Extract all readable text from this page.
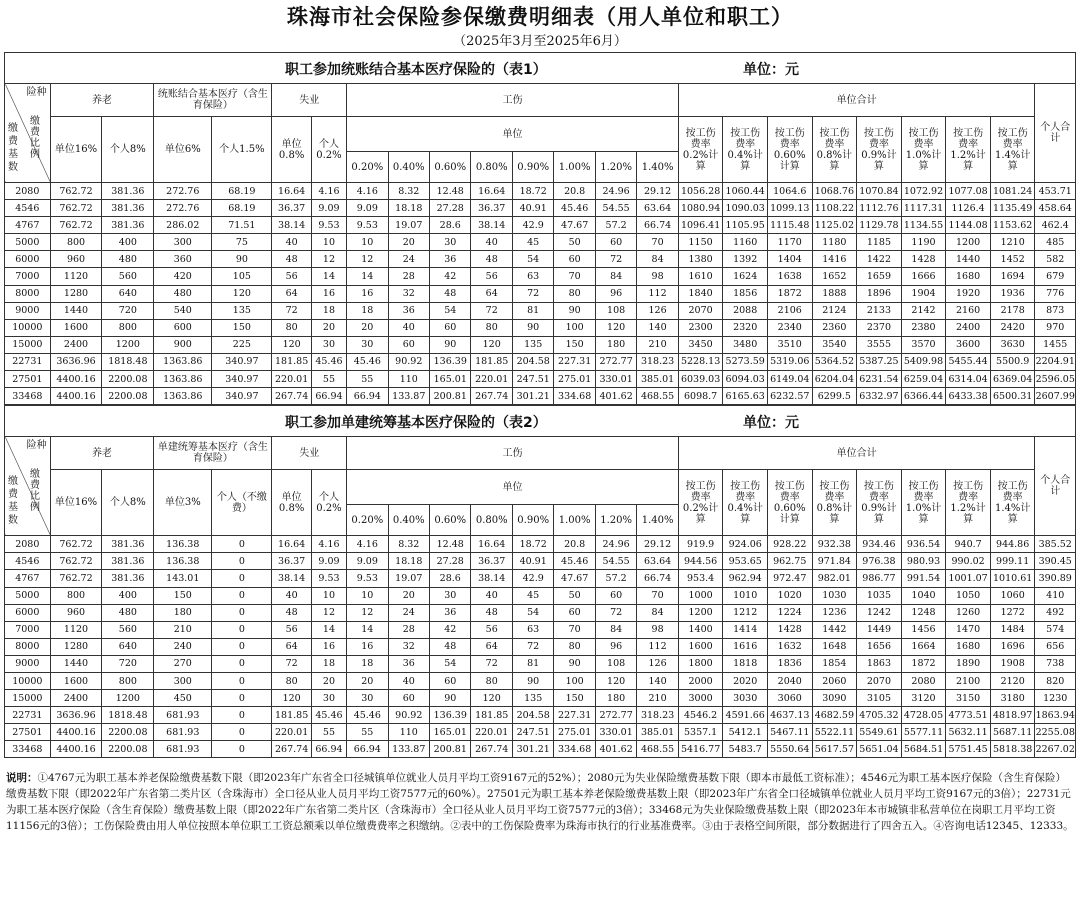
珠海市社会保险参保缴费明细表（用人单位和职工）
（2025年3月至2025年6月）
职工参加统账结合基本医疗保险的（表1）	单位：元
险种
缴费比例
缴费基数	养老		统账结合基本医疗（含生育保险）		失业		工伤								单位合计								个人合计
	单位16%	个人8%	单位6%	个人1.5%	单位0.8%	个人0.2%	单位								按工伤费率0.2%计算	按工伤费率0.4%计算	按工伤费率0.60%计算	按工伤费率0.8%计算	按工伤费率0.9%计算	按工伤费率1.0%计算	按工伤费率1.2%计算	按工伤费率1.4%计算	
							0.20%	0.40%	0.60%	0.80%	0.90%	1.00%	1.20%	1.40%									
2080	762.72	381.36	272.76	68.19	16.64	4.16	4.16	8.32	12.48	16.64	18.72	20.8	24.96	29.12	1056.28	1060.44	1064.6	1068.76	1070.84	1072.92	1077.08	1081.24	453.71
4546	762.72	381.36	272.76	68.19	36.37	9.09	9.09	18.18	27.28	36.37	40.91	45.46	54.55	63.64	1080.94	1090.03	1099.13	1108.22	1112.76	1117.31	1126.4	1135.49	458.64
4767	762.72	381.36	286.02	71.51	38.14	9.53	9.53	19.07	28.6	38.14	42.9	47.67	57.2	66.74	1096.41	1105.95	1115.48	1125.02	1129.78	1134.55	1144.08	1153.62	462.4
5000	800	400	300	75	40	10	10	20	30	40	45	50	60	70	1150	1160	1170	1180	1185	1190	1200	1210	485
6000	960	480	360	90	48	12	12	24	36	48	54	60	72	84	1380	1392	1404	1416	1422	1428	1440	1452	582
7000	1120	560	420	105	56	14	14	28	42	56	63	70	84	98	1610	1624	1638	1652	1659	1666	1680	1694	679
8000	1280	640	480	120	64	16	16	32	48	64	72	80	96	112	1840	1856	1872	1888	1896	1904	1920	1936	776
9000	1440	720	540	135	72	18	18	36	54	72	81	90	108	126	2070	2088	2106	2124	2133	2142	2160	2178	873
10000	1600	800	600	150	80	20	20	40	60	80	90	100	120	140	2300	2320	2340	2360	2370	2380	2400	2420	970
15000	2400	1200	900	225	120	30	30	60	90	120	135	150	180	210	3450	3480	3510	3540	3555	3570	3600	3630	1455
22731	3636.96	1818.48	1363.86	340.97	181.85	45.46	45.46	90.92	136.39	181.85	204.58	227.31	272.77	318.23	5228.13	5273.59	5319.06	5364.52	5387.25	5409.98	5455.44	5500.9	2204.91
27501	4400.16	2200.08	1363.86	340.97	220.01	55	55	110	165.01	220.01	247.51	275.01	330.01	385.01	6039.03	6094.03	6149.04	6204.04	6231.54	6259.04	6314.04	6369.04	2596.05
33468	4400.16	2200.08	1363.86	340.97	267.74	66.94	66.94	133.87	200.81	267.74	301.21	334.68	401.62	468.55	6098.7	6165.63	6232.57	6299.5	6332.97	6366.44	6433.38	6500.31	2607.99
职工参加单建统筹基本医疗保险的（表2）	单位：元
险种
缴费比例
缴费基数	养老		单建统筹基本医疗（含生育保险）		失业		工伤								单位合计								个人合计
	单位16%	个人8%	单位3%	个人（不缴费）	单位0.8%	个人0.2%	单位								按工伤费率0.2%计算	按工伤费率0.4%计算	按工伤费率0.60%计算	按工伤费率0.8%计算	按工伤费率0.9%计算	按工伤费率1.0%计算	按工伤费率1.2%计算	按工伤费率1.4%计算	
							0.20%	0.40%	0.60%	0.80%	0.90%	1.00%	1.20%	1.40%									
2080	762.72	381.36	136.38	0	16.64	4.16	4.16	8.32	12.48	16.64	18.72	20.8	24.96	29.12	919.9	924.06	928.22	932.38	934.46	936.54	940.7	944.86	385.52
4546	762.72	381.36	136.38	0	36.37	9.09	9.09	18.18	27.28	36.37	40.91	45.46	54.55	63.64	944.56	953.65	962.75	971.84	976.38	980.93	990.02	999.11	390.45
4767	762.72	381.36	143.01	0	38.14	9.53	9.53	19.07	28.6	38.14	42.9	47.67	57.2	66.74	953.4	962.94	972.47	982.01	986.77	991.54	1001.07	1010.61	390.89
5000	800	400	150	0	40	10	10	20	30	40	45	50	60	70	1000	1010	1020	1030	1035	1040	1050	1060	410
6000	960	480	180	0	48	12	12	24	36	48	54	60	72	84	1200	1212	1224	1236	1242	1248	1260	1272	492
7000	1120	560	210	0	56	14	14	28	42	56	63	70	84	98	1400	1414	1428	1442	1449	1456	1470	1484	574
8000	1280	640	240	0	64	16	16	32	48	64	72	80	96	112	1600	1616	1632	1648	1656	1664	1680	1696	656
9000	1440	720	270	0	72	18	18	36	54	72	81	90	108	126	1800	1818	1836	1854	1863	1872	1890	1908	738
10000	1600	800	300	0	80	20	20	40	60	80	90	100	120	140	2000	2020	2040	2060	2070	2080	2100	2120	820
15000	2400	1200	450	0	120	30	30	60	90	120	135	150	180	210	3000	3030	3060	3090	3105	3120	3150	3180	1230
22731	3636.96	1818.48	681.93	0	181.85	45.46	45.46	90.92	136.39	181.85	204.58	227.31	272.77	318.23	4546.2	4591.66	4637.13	4682.59	4705.32	4728.05	4773.51	4818.97	1863.94
27501	4400.16	2200.08	681.93	0	220.01	55	55	110	165.01	220.01	247.51	275.01	330.01	385.01	5357.1	5412.1	5467.11	5522.11	5549.61	5577.11	5632.11	5687.11	2255.08
33468	4400.16	2200.08	681.93	0	267.74	66.94	66.94	133.87	200.81	267.74	301.21	334.68	401.62	468.55	5416.77	5483.7	5550.64	5617.57	5651.04	5684.51	5751.45	5818.38	2267.02
说明：①4767元为职工基本养老保险缴费基数下限（即2023年广东省全口径城镇单位就业人员月平均工资9167元的52%）；2080元为失业保险缴费基数下限（即本市最低工资标准）；4546元为职工基本医疗保险（含生育保险）缴费基数下限（即2022年广东省第二类片区（含珠海市）全口径从业人员月平均工资7577元的60%）。27501元为职工基本养老保险缴费基数上限（即2023年广东省全口径城镇单位就业人员月平均工资9167元的3倍）；22731元为职工基本医疗保险（含生育保险）缴费基数上限（即2022年广东省第二类片区（含珠海市）全口径从业人员月平均工资7577元的3倍）；33468元为失业保险缴费基数上限（即2023年本市城镇非私营单位在岗职工月平均工资11156元的3倍）；工伤保险费由用人单位按照本单位职工工资总额乘以单位缴费费率之积缴纳。②表中的工伤保险费率为珠海市执行的行业基准费率。③由于表格空间所限，部分数据进行了四舍五入。④咨询电话12345、12333。
